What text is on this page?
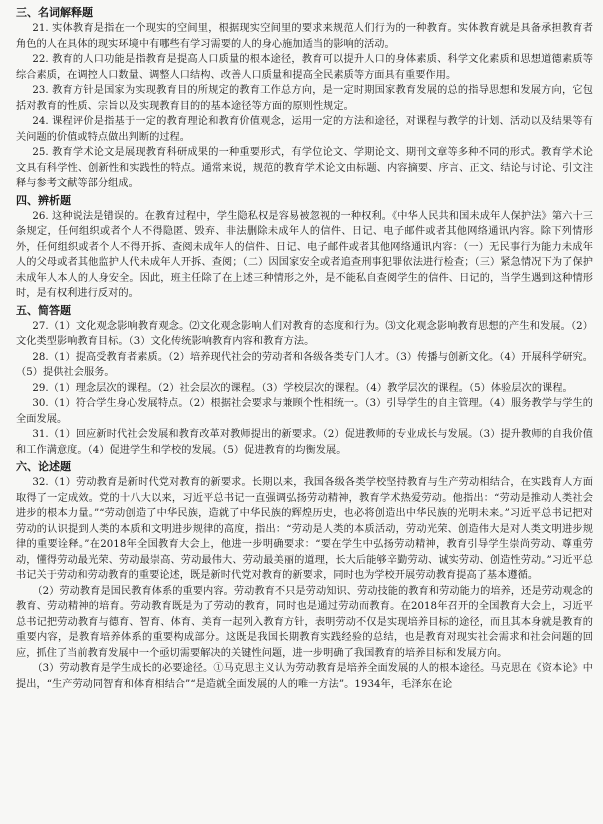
三、名词解释题

21. 实体教育是指在一个现实的空间里，根据现实空间里的要求来规范人们行为的一种教育。实体教育就是具备承担教育者角色的人在具体的现实环境中有哪些有学习需要的人的身心施加适当的影响的活动。

22. 教育的人口功能是指教育是提高人口质量的根本途径，教育可以提升人口的身体素质、科学文化素质和思想道德素质等综合素质，在调控人口数量、调整人口结构、改善人口质量和提高全民素质等方面具有重要作用。

23. 教育方针是国家为实现教育目的所规定的教育工作总方向，是一定时期国家教育发展的总的指导思想和发展方向，它包括对教育的性质、宗旨以及实现教育目的的基本途径等方面的原则性规定。

24. 课程评价是指基于一定的教育理论和教育价值观念，运用一定的方法和途径，对课程与教学的计划、活动以及结果等有关问题的价值或特点做出判断的过程。

25. 教育学术论文是展现教育科研成果的一种重要形式，有学位论文、学期论文、期刊文章等多种不同的形式。教育学术论文具有科学性、创新性和实践性的特点。通常来说，规范的教育学术论文由标题、内容摘要、序言、正文、结论与讨论、引文注释与参考文献等部分组成。

四、辨析题

26. 这种说法是错误的。在教育过程中，学生隐私权是容易被忽视的一种权利。《中华人民共和国未成年人保护法》第六十三条规定，任何组织或者个人不得隐匿、毁弃、非法删除未成年人的信件、日记、电子邮件或者其他网络通讯内容。除下列情形外，任何组织或者个人不得开拆、查阅未成年人的信件、日记、电子邮件或者其他网络通讯内容：（一）无民事行为能力未成年人的父母或者其他监护人代未成年人开拆、查阅；（二）因国家安全或者追查刑事犯罪依法进行检查；（三）紧急情况下为了保护未成年人本人的人身安全。因此，班主任除了在上述三种情形之外，是不能私自查阅学生的信件、日记的，当学生遇到这种情形时，是有权利进行反对的。

五、简答题

27.（1）文化观念影响教育观念。⑵文化观念影响人们对教育的态度和行为。⑶文化观念影响教育思想的产生和发展。（2）文化类型影响教育目标。（3）文化传统影响教育内容和教育方法。

28.（1）提高受教育者素质。（2）培养现代社会的劳动者和各级各类专门人才。（3）传播与创新文化。（4）开展科学研究。（5）提供社会服务。

29.（1）理念层次的课程。（2）社会层次的课程。（3）学校层次的课程。（4）教学层次的课程。（5）体验层次的课程。

30.（1）符合学生身心发展特点。（2）根据社会要求与兼顾个性相统一。（3）引导学生的自主管理。（4）服务教学与学生的全面发展。

31.（1）回应新时代社会发展和教育改革对教师提出的新要求。（2）促进教师的专业成长与发展。（3）提升教师的自我价值和工作满意度。（4）促进学生和学校的发展。（5）促进教育的均衡发展。

六、论述题

32.（1）劳动教育是新时代党对教育的新要求。长期以来，我国各级各类学校坚持教育与生产劳动相结合，在实践育人方面取得了一定成效。党的十八大以来，习近平总书记一直强调弘扬劳动精神，教育学术热爱劳动。他指出：“劳动是推动人类社会进步的根本力量。”“劳动创造了中华民族，造就了中华民族的辉煌历史，也必将创造出中华民族的光明未来。”习近平总书记把对劳动的认识提到人类的本质和文明进步规律的高度，指出：“劳动是人类的本质活动，劳动光荣、创造伟大是对人类文明进步规律的重要诠释。”在2018年全国教育大会上，他进一步明确要求：“要在学生中弘扬劳动精神，教育引导学生崇尚劳动、尊重劳动，懂得劳动最光荣、劳动最崇高、劳动最伟大、劳动最美丽的道理，长大后能够辛勤劳动、诚实劳动、创造性劳动。”习近平总书记关于劳动和劳动教育的重要论述，既是新时代党对教育的新要求，同时也为学校开展劳动教育提高了基本遵循。

（2）劳动教育是国民教育体系的重要内容。劳动教育不只是劳动知识、劳动技能的教育和劳动能力的培养，还是劳动观念的教育、劳动精神的培育。劳动教育既是为了劳动的教育，同时也是通过劳动而教育。在2018年召开的全国教育大会上，习近平总书记把劳动教育与德育、智育、体育、美育一起列入教育方针，表明劳动不仅是实现培养目标的途径，而且其本身就是教育的重要内容，是教育培养体系的重要构成部分。这既是我国长期教育实践经验的总结，也是教育对现实社会需求和社会问题的回应，抓住了当前教育发展中一个亟切需要解决的关键性问题，进一步明确了我国教育的培养目标和发展方向。

（3）劳动教育是学生成长的必要途径。①马克思主义认为劳动教育是培养全面发展的人的根本途径。马克思在《资本论》中提出，“生产劳动同智育和体育相结合”“是造就全面发展的人的唯一方法”。1934年，毛泽东在论
